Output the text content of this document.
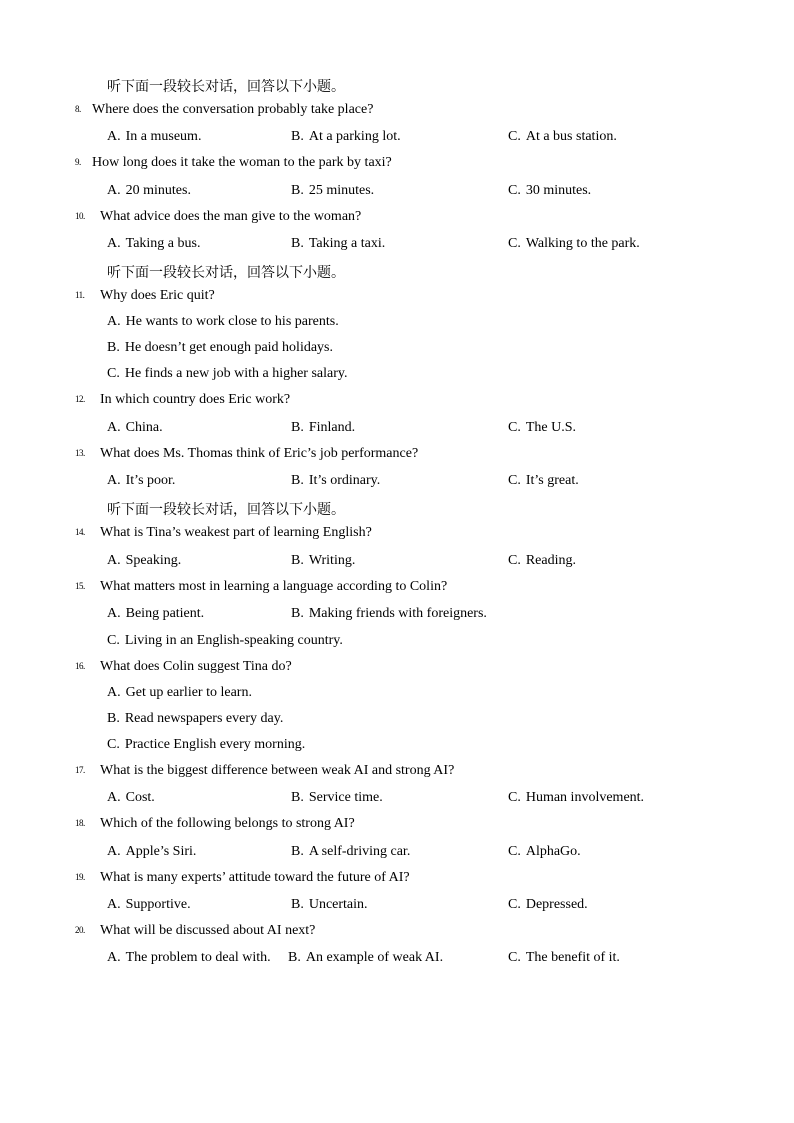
听下面一段较长对话，回答以下小题。
8. Where does the conversation probably take place?
A. In a museum.	B. At a parking lot.	C. At a bus station.
9. How long does it take the woman to the park by taxi?
A. 20 minutes.	B. 25 minutes.	C. 30 minutes.
10. What advice does the man give to the woman?
A. Taking a bus.	B. Taking a taxi.	C. Walking to the park.
听下面一段较长对话，回答以下小题。
11. Why does Eric quit?
A. He wants to work close to his parents.
B. He doesn’t get enough paid holidays.
C. He finds a new job with a higher salary.
12. In which country does Eric work?
A. China.	B. Finland.	C. The U.S.
13. What does Ms. Thomas think of Eric’s job performance?
A. It’s poor.	B. It’s ordinary.	C. It’s great.
听下面一段较长对话，回答以下小题。
14. What is Tina’s weakest part of learning English?
A. Speaking.	B. Writing.	C. Reading.
15. What matters most in learning a language according to Colin?
A. Being patient.	B. Making friends with foreigners.
C. Living in an English-speaking country.
16. What does Colin suggest Tina do?
A. Get up earlier to learn.
B. Read newspapers every day.
C. Practice English every morning.
17. What is the biggest difference between weak AI and strong AI?
A. Cost.	B. Service time.	C. Human involvement.
18. Which of the following belongs to strong AI?
A. Apple’s Siri.	B. A self-driving car.	C. AlphaGo.
19. What is many experts’ attitude toward the future of AI?
A. Supportive.	B. Uncertain.	C. Depressed.
20. What will be discussed about AI next?
A. The problem to deal with. B. An example of weak AI.	C. The benefit of it.
